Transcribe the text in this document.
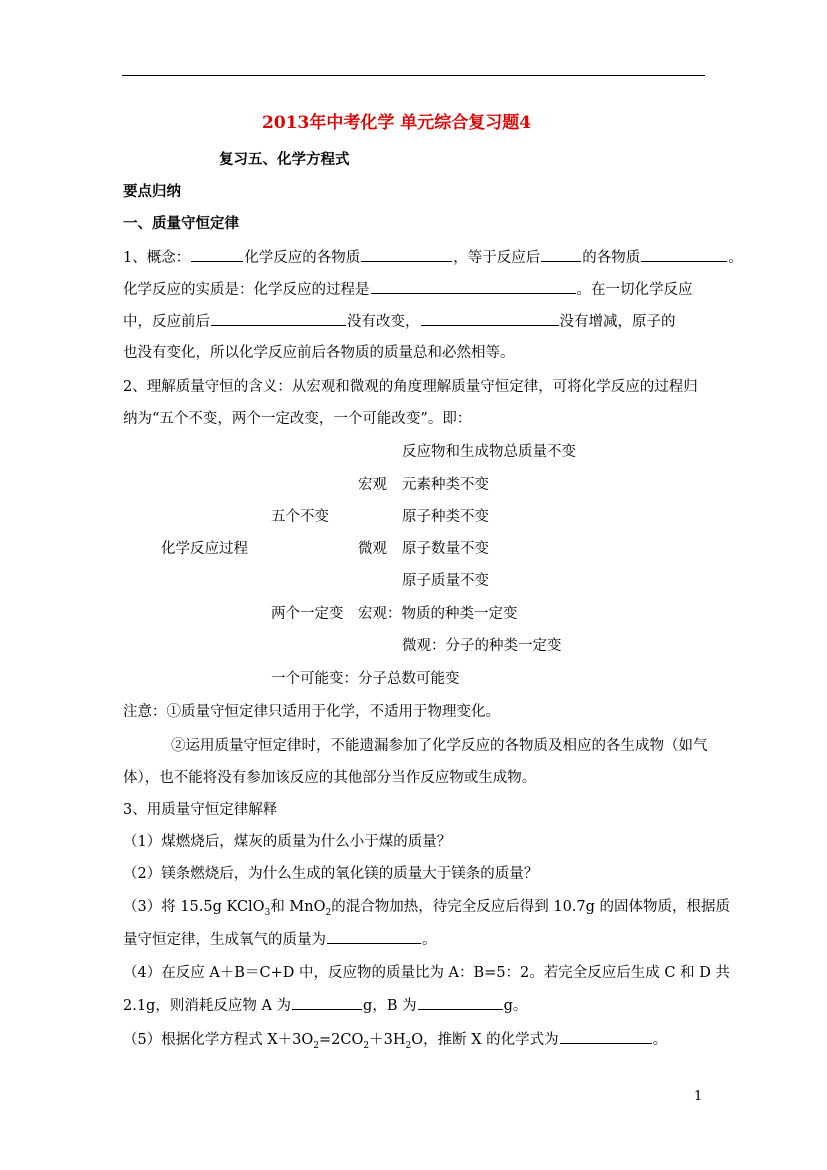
2013年中考化学 单元综合复习题4
复习五、化学方程式
要点归纳
一、质量守恒定律
1、概念：	化学反应的各物质	，等于反应后	的各物质	。
化学反应的实质是：化学反应的过程是	。在一切化学反应
中，反应前后	没有改变，	没有增减，原子的
也没有变化，所以化学反应前后各物质的质量总和必然相等。
2、理解质量守恒的含义：从宏观和微观的角度理解质量守恒定律，可将化学反应的过程归
纳为“五个不变，两个一定改变，一个可能改变”。即：
反应物和生成物总质量不变
宏观 元素种类不变
五个不变	原子种类不变
化学反应过程	微观 原子数量不变
原子质量不变
两个一定变 宏观：物质的种类一定变
微观：分子的种类一定变
一个可能变：分子总数可能变
注意：①质量守恒定律只适用于化学，不适用于物理变化。
②运用质量守恒定律时，不能遗漏参加了化学反应的各物质及相应的各生成物（如气
体），也不能将没有参加该反应的其他部分当作反应物或生成物。
3、用质量守恒定律解释
（1）煤燃烧后，煤灰的质量为什么小于煤的质量？
（2）镁条燃烧后，为什么生成的氧化镁的质量大于镁条的质量？
（3）将 15.5g KClO$_3$和 MnO$_2$的混合物加热，待完全反应后得到 10.7g 的固体物质，根据质
量守恒定律，生成氧气的质量为	。
（4）在反应 A＋B＝C+D 中，反应物的质量比为 A：B=5：2。若完全反应后生成 C 和 D 共
2.1g，则消耗反应物 A 为	g，B 为	g。
（5）根据化学方程式 $X+3O_2=2CO_2+3H_2O$，推断 X 的化学式为	。
1
